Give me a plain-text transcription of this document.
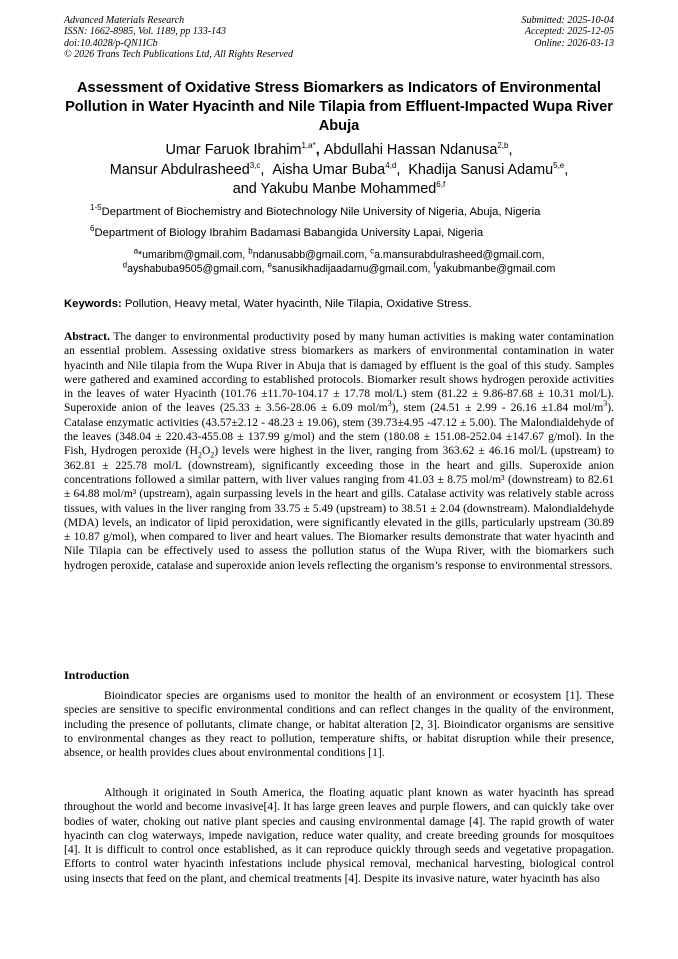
Advanced Materials Research
ISSN: 1662-8985, Vol. 1189, pp 133-143
doi:10.4028/p-QN1ICb
© 2026 Trans Tech Publications Ltd, All Rights Reserved
Submitted: 2025-10-04
Accepted: 2025-12-05
Online: 2026-03-13
Assessment of Oxidative Stress Biomarkers as Indicators of Environmental Pollution in Water Hyacinth and Nile Tilapia from Effluent-Impacted Wupa River Abuja
Umar Faruok Ibrahim$^{1,a*}$, Abdullahi Hassan Ndanusa$^{2,b}$,
Mansur Abdulrasheed$^{3,c}$,  Aisha Umar Buba$^{4,d}$,  Khadija Sanusi Adamu$^{5,e}$,
and Yakubu Manbe Mohammed$^{6,f}$
$^{1-5}$Department of Biochemistry and Biotechnology Nile University of Nigeria, Abuja, Nigeria
$^6$Department of Biology Ibrahim Badamasi Babangida University Lapai, Nigeria
$^a$*umaribm@gmail.com, $^b$ndanusabb@gmail.com, $^c$a.mansurabdulrasheed@gmail.com,
$^d$ayshabuba9505@gmail.com, $^e$sanusikhadijaadamu@gmail.com, $^f$yakubmanbe@gmail.com
Keywords: Pollution, Heavy metal, Water hyacinth, Nile Tilapia, Oxidative Stress.
Abstract. The danger to environmental productivity posed by many human activities is making water contamination an essential problem. Assessing oxidative stress biomarkers as markers of environmental contamination in water hyacinth and Nile tilapia from the Wupa River in Abuja that is damaged by effluent is the goal of this study. Samples were gathered and examined according to established protocols. Biomarker result shows hydrogen peroxide activities in the leaves of water Hyacinth (101.76 ±11.70-104.17 ± 17.78 mol/L) stem (81.22 ± 9.86-87.68 ± 10.31 mol/L). Superoxide anion of the leaves (25.33 ± 3.56-28.06 ± 6.09 mol/$m^3$), stem (24.51 ± 2.99 - 26.16 ±1.84 mol/$m^3$). Catalase enzymatic activities (43.57±2.12 - 48.23 ± 19.06), stem (39.73±4.95 -47.12 ± 5.00). The Malondialdehyde of the leaves (348.04 ± 220.43-455.08 ± 137.99 g/mol) and the stem (180.08 ± 151.08-252.04 ±147.67 g/mol). In the Fish, Hydrogen peroxide $(H_2O_2)$ levels were highest in the liver, ranging from 363.62 ± 46.16 mol/L (upstream) to 362.81 ± 225.78 mol/L (downstream), significantly exceeding those in the heart and gills. Superoxide anion concentrations followed a similar pattern, with liver values ranging from 41.03 ± 8.75 mol/m³ (downstream) to 82.61 ± 64.88 mol/m³ (upstream), again surpassing levels in the heart and gills. Catalase activity was relatively stable across tissues, with values in the liver ranging from 33.75 ± 5.49 (upstream) to 38.51 ± 2.04 (downstream). Malondialdehyde (MDA) levels, an indicator of lipid peroxidation, were significantly elevated in the gills, particularly upstream (30.89 ± 10.87 g/mol), when compared to liver and heart values. The Biomarker results demonstrate that water hyacinth and Nile Tilapia can be effectively used to assess the pollution status of the Wupa River, with the biomarkers such hydrogen peroxide, catalase and superoxide anion levels reflecting the organism’s response to environmental stressors.
Introduction

Bioindicator species are organisms used to monitor the health of an environment or ecosystem [1]. These species are sensitive to specific environmental conditions and can reflect changes in the quality of the environment, including the presence of pollutants, climate change, or habitat alteration [2, 3]. Bioindicator organisms are sensitive to environmental changes as they react to pollution, temperature shifts, or habitat disruption while their presence, absence, or health provides clues about environmental conditions [1].

Although it originated in South America, the floating aquatic plant known as water hyacinth has spread throughout the world and become invasive[4]. It has large green leaves and purple flowers, and can quickly take over bodies of water, choking out native plant species and causing environmental damage [4]. The rapid growth of water hyacinth can clog waterways, impede navigation, reduce water quality, and create breeding grounds for mosquitoes [4]. It is difficult to control once established, as it can reproduce quickly through seeds and vegetative propagation. Efforts to control water hyacinth infestations include physical removal, mechanical harvesting, biological control using insects that feed on the plant, and chemical treatments [4]. Despite its invasive nature, water hyacinth has also
